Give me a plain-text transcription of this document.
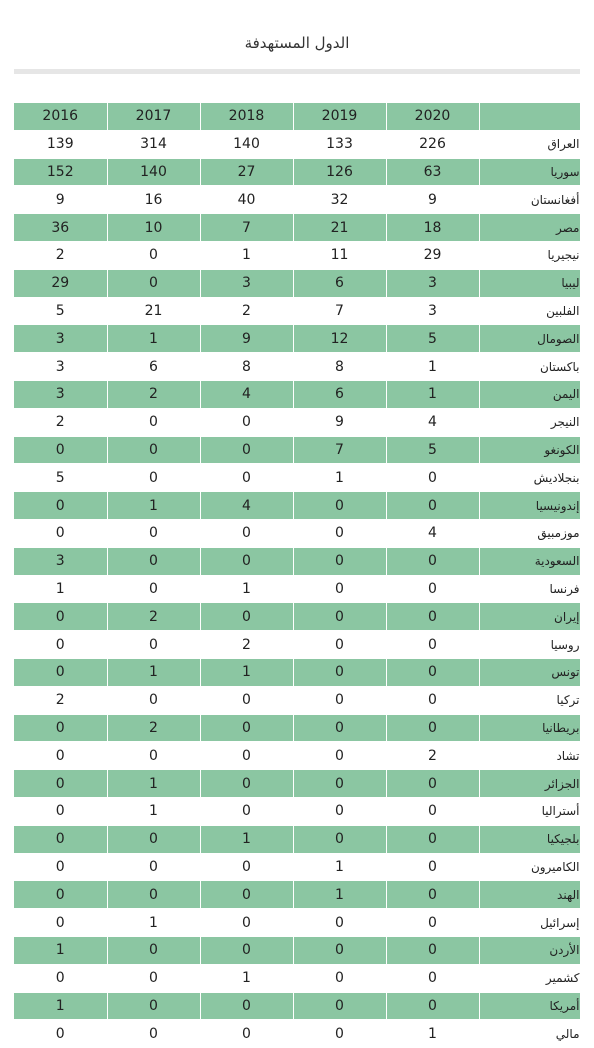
الدول المستهدفة
2016	2017	2018	2019	2020	
139	314	140	133	226	العراق
152	140	27	126	63	سوريا
9	16	40	32	9	أفغانستان
36	10	7	21	18	مصر
2	0	1	11	29	نيجيريا
29	0	3	6	3	ليبيا
5	21	2	7	3	الفلبين
3	1	9	12	5	الصومال
3	6	8	8	1	باكستان
3	2	4	6	1	اليمن
2	0	0	9	4	النيجر
0	0	0	7	5	الكونغو
5	0	0	1	0	بنجلاديش
0	1	4	0	0	إندونيسيا
0	0	0	0	4	موزمبيق
3	0	0	0	0	السعودية
1	0	1	0	0	فرنسا
0	2	0	0	0	إيران
0	0	2	0	0	روسيا
0	1	1	0	0	تونس
2	0	0	0	0	تركيا
0	2	0	0	0	بريطانيا
0	0	0	0	2	تشاد
0	1	0	0	0	الجزائر
0	1	0	0	0	أستراليا
0	0	1	0	0	بلجيكيا
0	0	0	1	0	الكاميرون
0	0	0	1	0	الهند
0	1	0	0	0	إسرائيل
1	0	0	0	0	الأردن
0	0	1	0	0	كشمير
1	0	0	0	0	أمريكا
0	0	0	0	1	مالي
